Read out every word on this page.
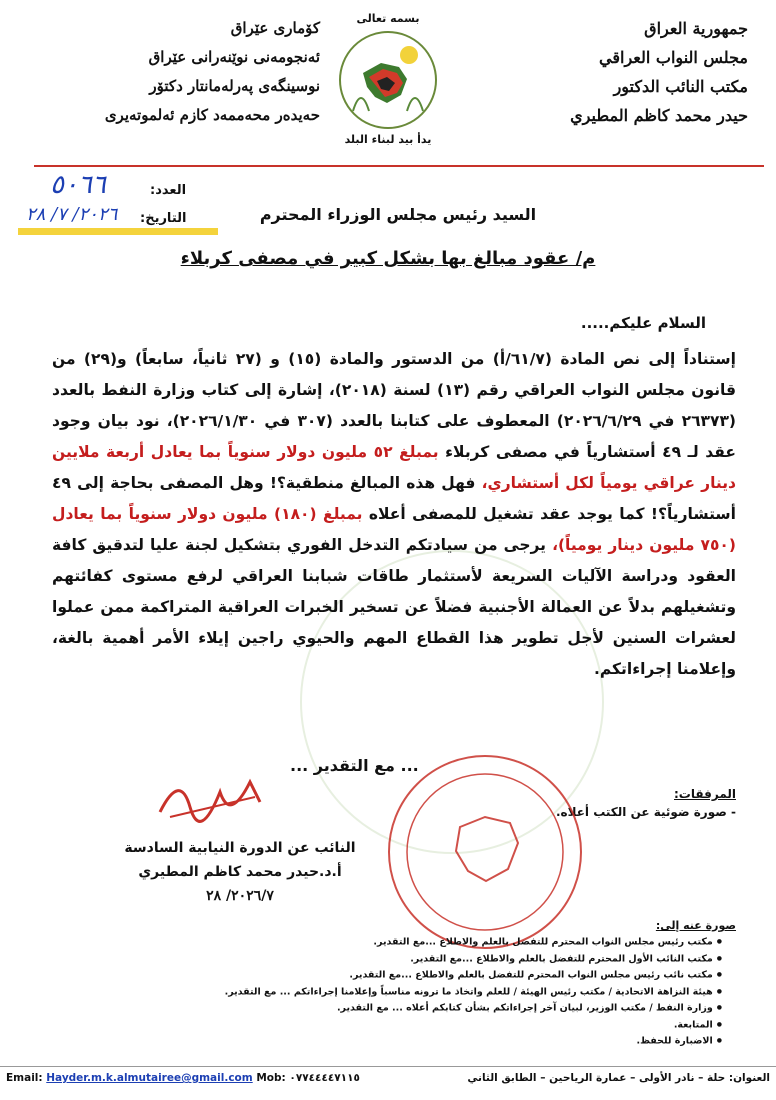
جمهورية العراق
مجلس النواب العراقي
مكتب النائب الدكتور
حيدر محمد كاظم المطيري
كۆماری عێراق
ئەنجومەنی نوێنەرانی عێراق
نوسینگەی پەرلەمانتار دکتۆر
حەیدەر محەممەد کازم ئەلموتەیری
بسمه تعالى
يدأ بيد لبناء البلد
العدد:
٥٠٦٦
التاريخ:
٢٠٢٦/ ٧/ ٢٨	السيد رئيس مجلس الوزراء المحترم
م/ عقود مبالغ بها بشكل كبير في مصفى كربلاء
السلام عليكم.....
إستناداً إلى نص المادة (٦١/٧/أ) من الدستور والمادة (١٥) و (٢٧ ثانياً، سابعاً) و(٢٩) من قانون مجلس النواب العراقي رقم (١٣) لسنة (٢٠١٨)، إشارة إلى كتاب وزارة النفط بالعدد (٢٦٣٧٣ في ٢٠٢٦/٦/٢٩) المعطوف على كتابنا بالعدد (٣٠٧ في ٢٠٢٦/١/٣٠)، نود بيان وجود عقد لـ ٤٩ أستشارياً في مصفى كربلاء بمبلغ ٥٢ مليون دولار سنوياً بما يعادل أربعة ملايين دينار عراقي يومياً لكل أستشاري، فهل هذه المبالغ منطقية؟! وهل المصفى بحاجة إلى ٤٩ أستشارياً؟! كما يوجد عقد تشغيل للمصفى أعلاه بمبلغ (١٨٠) مليون دولار سنوياً بما يعادل (٧٥٠ مليون دينار يومياً)، يرجى من سيادتكم التدخل الفوري بتشكيل لجنة عليا لتدقيق كافة العقود ودراسة الآليات السريعة لأستثمار طاقات شبابنا العراقي لرفع مستوى كفائتهم وتشغيلهم بدلاً عن العمالة الأجنبية فضلاً عن تسخير الخبرات العراقية المتراكمة ممن عملوا لعشرات السنين لأجل تطوير هذا القطاع المهم والحيوي راجين إيلاء الأمر أهمية بالغة، وإعلامنا إجراءاتكم.
... مع التقدير ...
المرفقات:
- صورة ضوئية عن الكتب أعلاه.
النائب عن الدورة النيابية السادسة
أ.د.حيدر محمد كاظم المطيري
٢٠٢٦/٧/ ٢٨
صورة عنه إلى:
● مكتب رئيس مجلس النواب المحترم للتفضل بالعلم والاطلاع ...مع التقدير.
● مكتب النائب الأول المحترم للتفضل بالعلم والاطلاع ...مع التقدير.
● مكتب نائب رئيس مجلس النواب المحترم للتفضل بالعلم والاطلاع ...مع التقدير.
● هيئة النزاهة الاتحادية / مكتب رئيس الهيئة / للعلم واتخاذ ما ترونه مناسباً وإعلامنا إجراءاتكم ... مع التقدير.
● وزارة النفط / مكتب الوزير، لبيان آخر إجراءاتكم بشأن كتابكم أعلاه ... مع التقدير.
● المتابعة.
● الاضبارة للحفظ.
Email: Hayder.m.k.almutairee@gmail.com Mob: ٠٧٧٤٤٤٤٧١١٥	العنوان: حلة – نادر الأولى – عمارة الرياحين – الطابق الثاني
